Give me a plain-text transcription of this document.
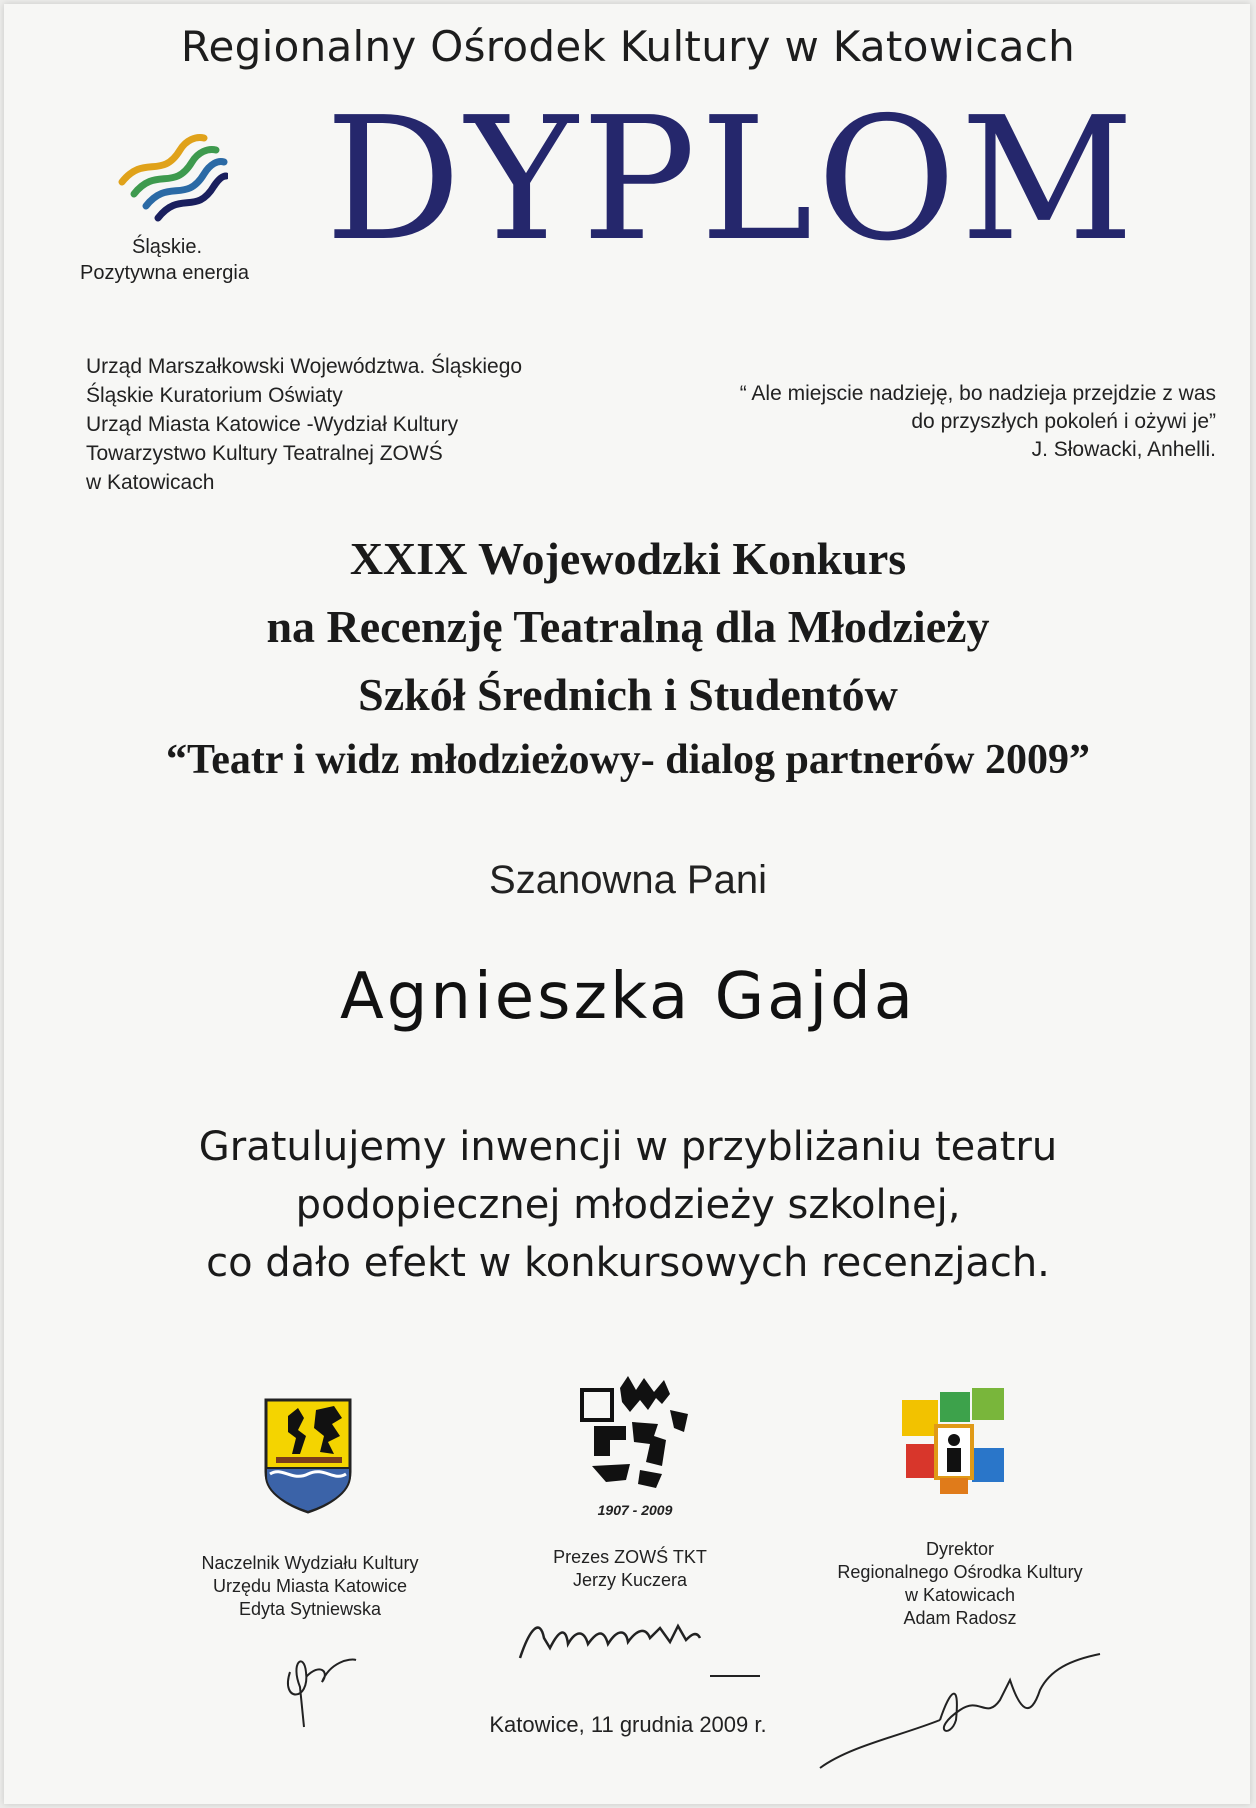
Regionalny Ośrodek Kultury w Katowicach
Śląskie.
Pozytywna energia DYPLOM
Urząd Marszałkowski Województwa. Śląskiego
Śląskie Kuratorium Oświaty
Urząd Miasta Katowice -Wydział Kultury
Towarzystwo Kultury Teatralnej ZOWŚ
w Katowicach
“ Ale miejscie nadzieję, bo nadzieja przejdzie z was
do przyszłych pokoleń i ożywi je”
J. Słowacki, Anhelli.
XXIX Wojewodzki Konkurs
na Recenzję Teatralną dla Młodzieży
Szkół Średnich i Studentów
“Teatr i widz młodzieżowy- dialog partnerów 2009”
Szanowna Pani
Agnieszka Gajda
Gratulujemy inwencji w przybliżaniu teatru
podopiecznej młodzieży szkolnej,
co dało efekt w konkursowych recenzjach.
1907 - 2009
Naczelnik Wydziału Kultury
Urzędu Miasta Katowice
Edyta Sytniewska
Prezes ZOWŚ TKT
Jerzy Kuczera
Dyrektor
Regionalnego Ośrodka Kultury
w Katowicach
Adam Radosz
Katowice, 11 grudnia 2009 r.
